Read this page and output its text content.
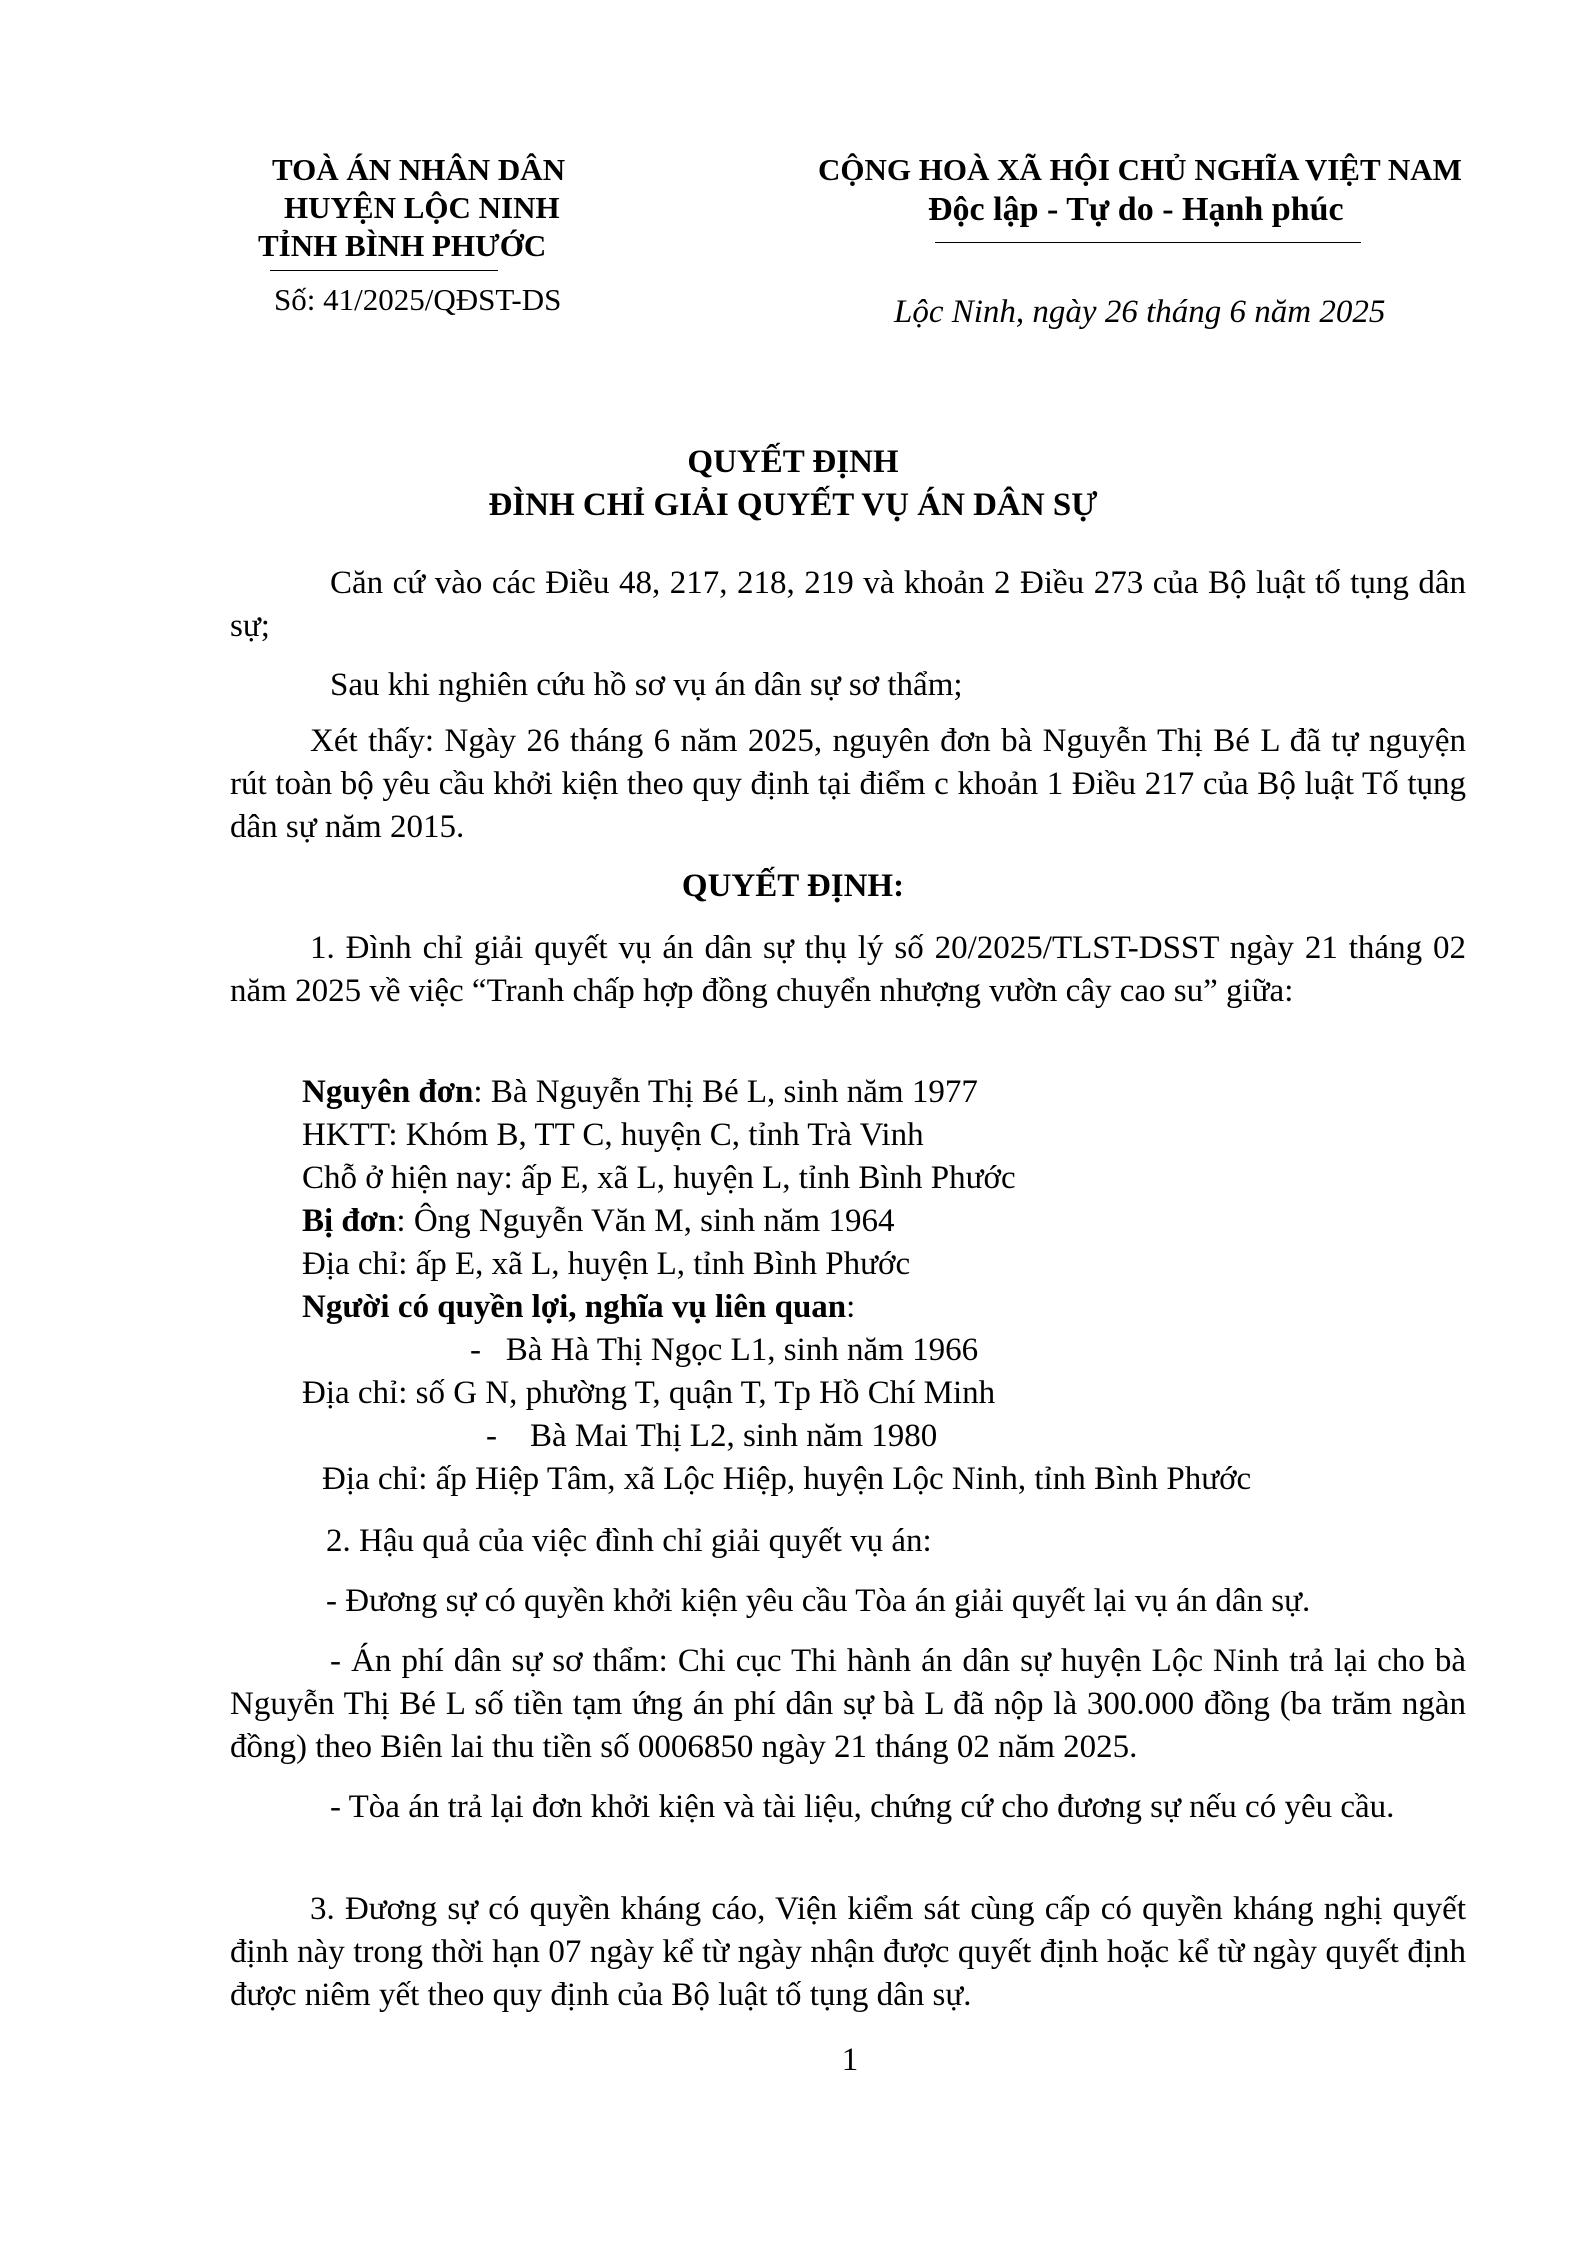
TOÀ ÁN NHÂN DÂN
HUYỆN LỘC NINH
TỈNH BÌNH PHƯỚC
Số: 41/2025/QĐST-DS
CỘNG HOÀ XÃ HỘI CHỦ NGHĨA VIỆT NAM
Độc lập - Tự do - Hạnh phúc
Lộc Ninh, ngày 26 tháng 6 năm 2025
QUYẾT ĐỊNH
ĐÌNH CHỈ GIẢI QUYẾT VỤ ÁN DÂN SỰ
Căn cứ vào các Điều 48, 217, 218, 219 và khoản 2 Điều 273 của Bộ luật tố tụng dân sự;
Sau khi nghiên cứu hồ sơ vụ án dân sự sơ thẩm;
Xét thấy: Ngày 26 tháng 6 năm 2025, nguyên đơn bà Nguyễn Thị Bé L đã tự nguyện rút toàn bộ yêu cầu khởi kiện theo quy định tại điểm c khoản 1 Điều 217 của Bộ luật Tố tụng dân sự năm 2015.
QUYẾT ĐỊNH:
1. Đình chỉ giải quyết vụ án dân sự thụ lý số 20/2025/TLST-DSST ngày 21 tháng 02 năm 2025 về việc “Tranh chấp hợp đồng chuyển nhượng vườn cây cao su” giữa:
Nguyên đơn: Bà Nguyễn Thị Bé L, sinh năm 1977
HKTT: Khóm B, TT C, huyện C, tỉnh Trà Vinh
Chỗ ở hiện nay: ấp E, xã L, huyện L, tỉnh Bình Phước
Bị đơn: Ông Nguyễn Văn M, sinh năm 1964
Địa chỉ: ấp E, xã L, huyện L, tỉnh Bình Phước
Người có quyền lợi, nghĩa vụ liên quan:
-   Bà Hà Thị Ngọc L1, sinh năm 1966
Địa chỉ: số G N, phường T, quận T, Tp Hồ Chí Minh
-    Bà Mai Thị L2, sinh năm 1980
Địa chỉ: ấp Hiệp Tâm, xã Lộc Hiệp, huyện Lộc Ninh, tỉnh Bình Phước
2. Hậu quả của việc đình chỉ giải quyết vụ án:
- Đương sự có quyền khởi kiện yêu cầu Tòa án giải quyết lại vụ án dân sự.
- Án phí dân sự sơ thẩm: Chi cục Thi hành án dân sự huyện Lộc Ninh trả lại cho bà Nguyễn Thị Bé L số tiền tạm ứng án phí dân sự bà L đã nộp là 300.000 đồng (ba trăm ngàn đồng) theo Biên lai thu tiền số 0006850 ngày 21 tháng 02 năm 2025.
- Tòa án trả lại đơn khởi kiện và tài liệu, chứng cứ cho đương sự nếu có yêu cầu.
3. Đương sự có quyền kháng cáo, Viện kiểm sát cùng cấp có quyền kháng nghị quyết định này trong thời hạn 07 ngày kể từ ngày nhận được quyết định hoặc kể từ ngày quyết định được niêm yết theo quy định của Bộ luật tố tụng dân sự.
1
